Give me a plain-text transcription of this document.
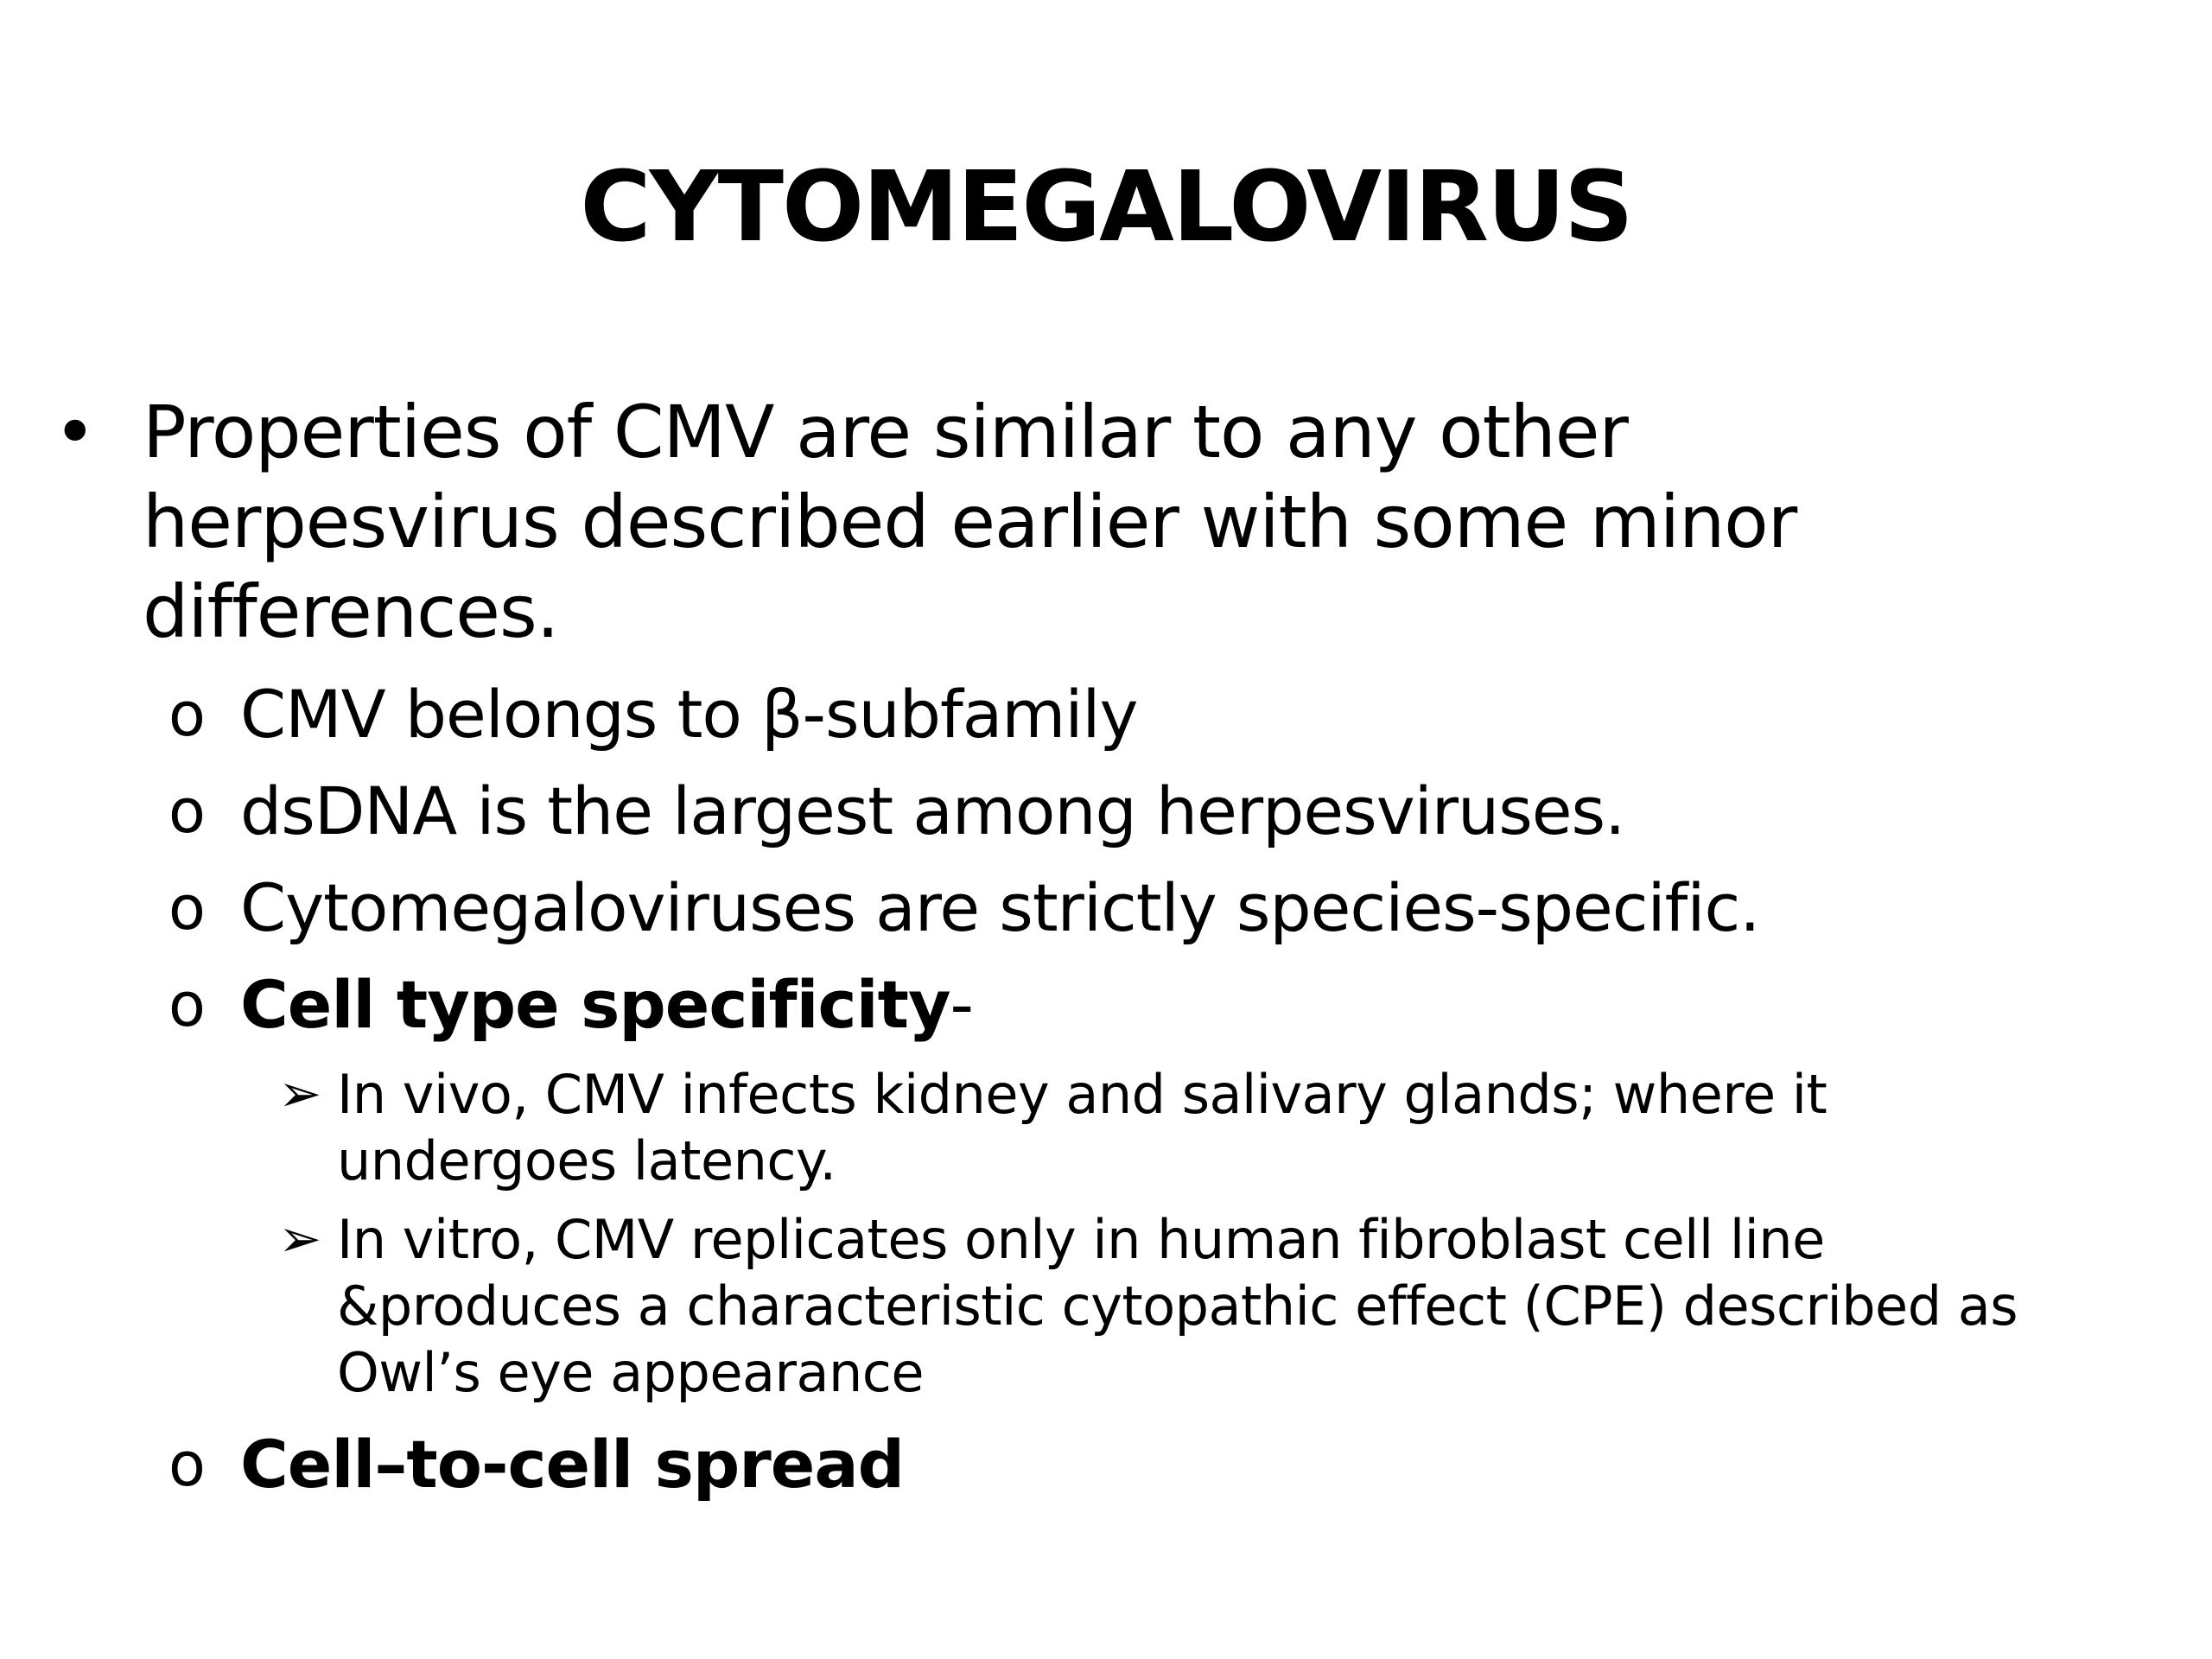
CYTOMEGALOVIRUS
• Properties of CMV are similar to any other
herpesvirus described earlier with some minor
differences.
o CMV belongs to β-subfamily
o dsDNA is the largest among herpesviruses.
o Cytomegaloviruses are strictly species-specific.
o Cell type specificity-
➢ In vivo, CMV infects kidney and salivary glands; where it
undergoes latency.
➢ In vitro, CMV replicates only in human fibroblast cell line
&produces a characteristic cytopathic effect (CPE) described as
Owl’s eye appearance
o Cell–to-cell spread
